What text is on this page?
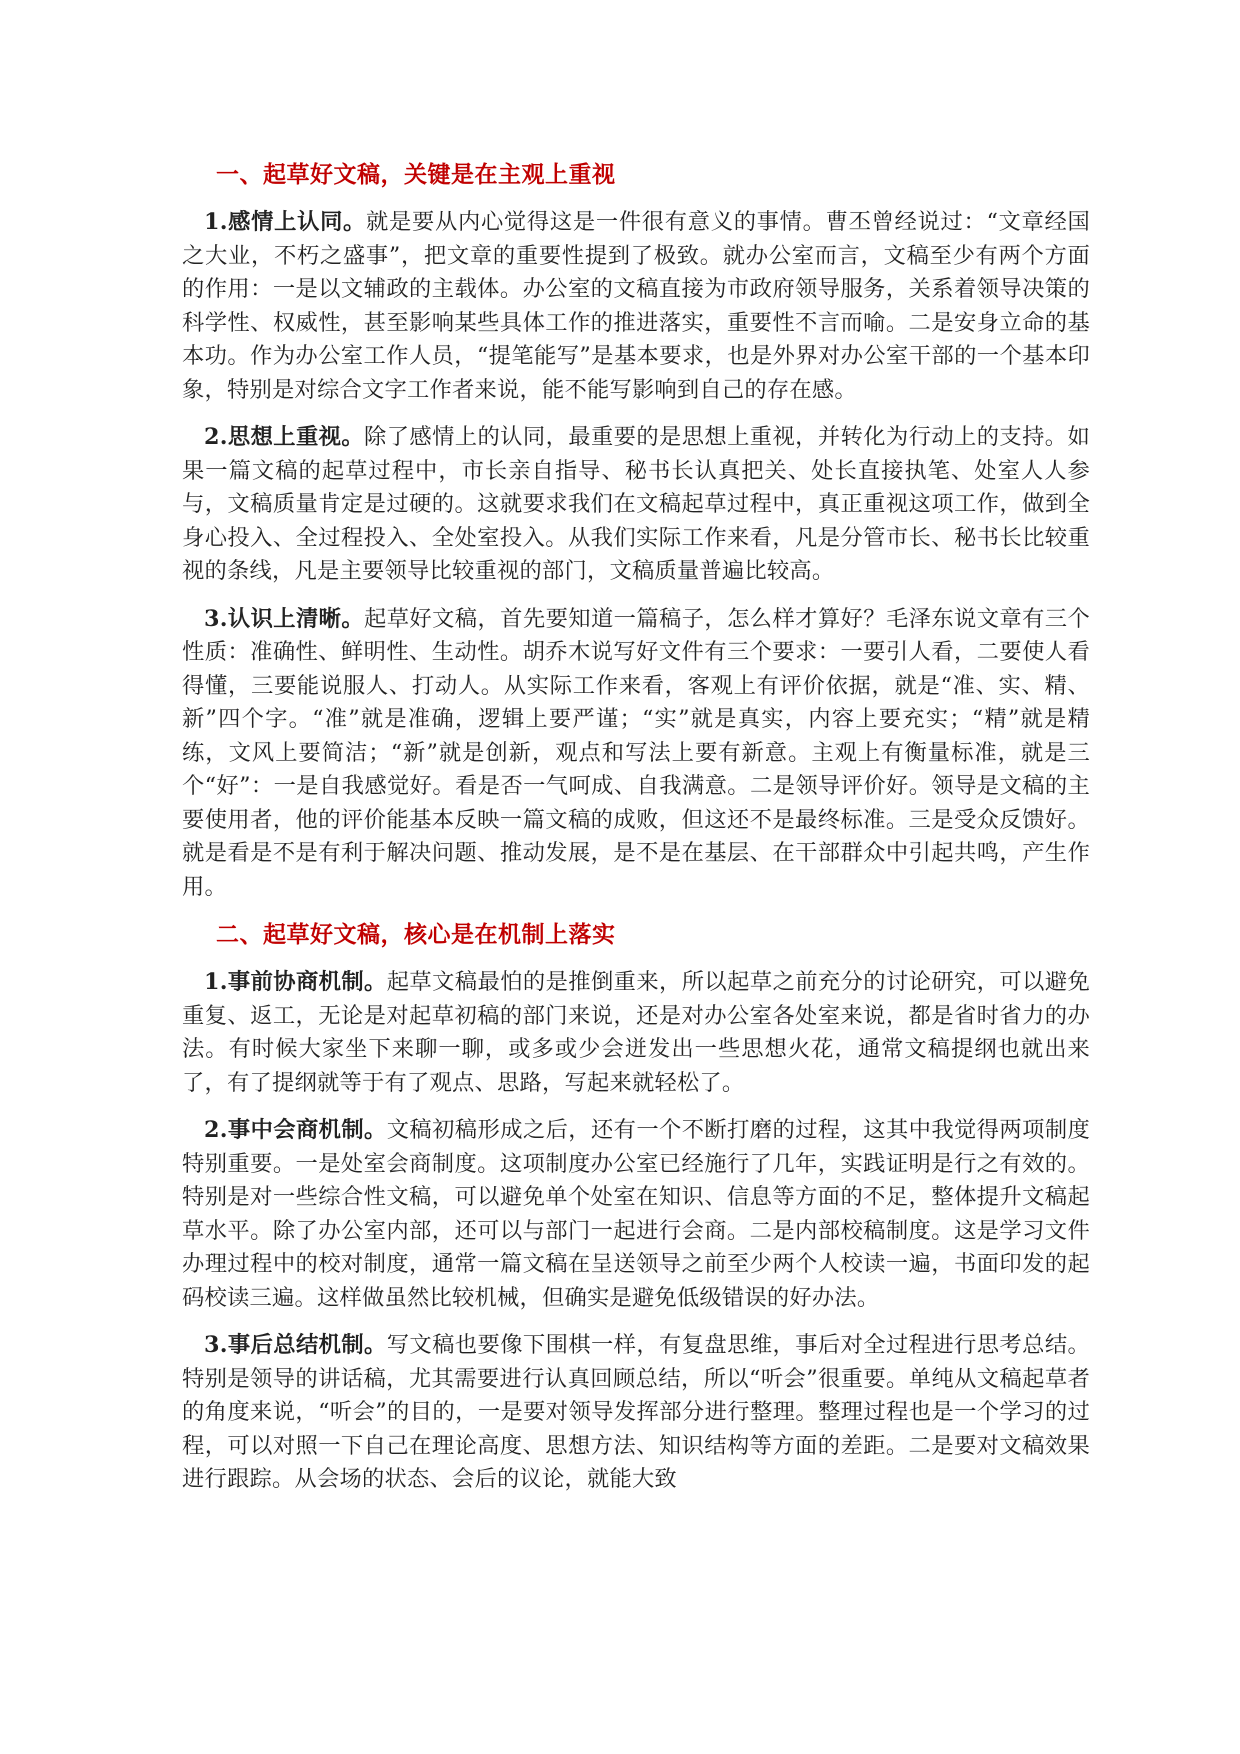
一、起草好文稿，关键是在主观上重视

1.感情上认同。就是要从内心觉得这是一件很有意义的事情。曹丕曾经说过：“文章经国之大业，不朽之盛事”，把文章的重要性提到了极致。就办公室而言，文稿至少有两个方面的作用：一是以文辅政的主载体。办公室的文稿直接为市政府领导服务，关系着领导决策的科学性、权威性，甚至影响某些具体工作的推进落实，重要性不言而喻。二是安身立命的基本功。作为办公室工作人员，“提笔能写”是基本要求，也是外界对办公室干部的一个基本印象，特别是对综合文字工作者来说，能不能写影响到自己的存在感。

2.思想上重视。除了感情上的认同，最重要的是思想上重视，并转化为行动上的支持。如果一篇文稿的起草过程中，市长亲自指导、秘书长认真把关、处长直接执笔、处室人人参与，文稿质量肯定是过硬的。这就要求我们在文稿起草过程中，真正重视这项工作，做到全身心投入、全过程投入、全处室投入。从我们实际工作来看，凡是分管市长、秘书长比较重视的条线，凡是主要领导比较重视的部门，文稿质量普遍比较高。

3.认识上清晰。起草好文稿，首先要知道一篇稿子，怎么样才算好？毛泽东说文章有三个性质：准确性、鲜明性、生动性。胡乔木说写好文件有三个要求：一要引人看，二要使人看得懂，三要能说服人、打动人。从实际工作来看，客观上有评价依据，就是“准、实、精、新”四个字。“准”就是准确，逻辑上要严谨；“实”就是真实，内容上要充实；“精”就是精练，文风上要简洁；“新”就是创新，观点和写法上要有新意。主观上有衡量标准，就是三个“好”：一是自我感觉好。看是否一气呵成、自我满意。二是领导评价好。领导是文稿的主要使用者，他的评价能基本反映一篇文稿的成败，但这还不是最终标准。三是受众反馈好。就是看是不是有利于解决问题、推动发展，是不是在基层、在干部群众中引起共鸣，产生作用。

二、起草好文稿，核心是在机制上落实

1.事前协商机制。起草文稿最怕的是推倒重来，所以起草之前充分的讨论研究，可以避免重复、返工，无论是对起草初稿的部门来说，还是对办公室各处室来说，都是省时省力的办法。有时候大家坐下来聊一聊，或多或少会迸发出一些思想火花，通常文稿提纲也就出来了，有了提纲就等于有了观点、思路，写起来就轻松了。

2.事中会商机制。文稿初稿形成之后，还有一个不断打磨的过程，这其中我觉得两项制度特别重要。一是处室会商制度。这项制度办公室已经施行了几年，实践证明是行之有效的。特别是对一些综合性文稿，可以避免单个处室在知识、信息等方面的不足，整体提升文稿起草水平。除了办公室内部，还可以与部门一起进行会商。二是内部校稿制度。这是学习文件办理过程中的校对制度，通常一篇文稿在呈送领导之前至少两个人校读一遍，书面印发的起码校读三遍。这样做虽然比较机械，但确实是避免低级错误的好办法。

3.事后总结机制。写文稿也要像下围棋一样，有复盘思维，事后对全过程进行思考总结。特别是领导的讲话稿，尤其需要进行认真回顾总结，所以“听会”很重要。单纯从文稿起草者的角度来说，“听会”的目的，一是要对领导发挥部分进行整理。整理过程也是一个学习的过程，可以对照一下自己在理论高度、思想方法、知识结构等方面的差距。二是要对文稿效果进行跟踪。从会场的状态、会后的议论，就能大致
